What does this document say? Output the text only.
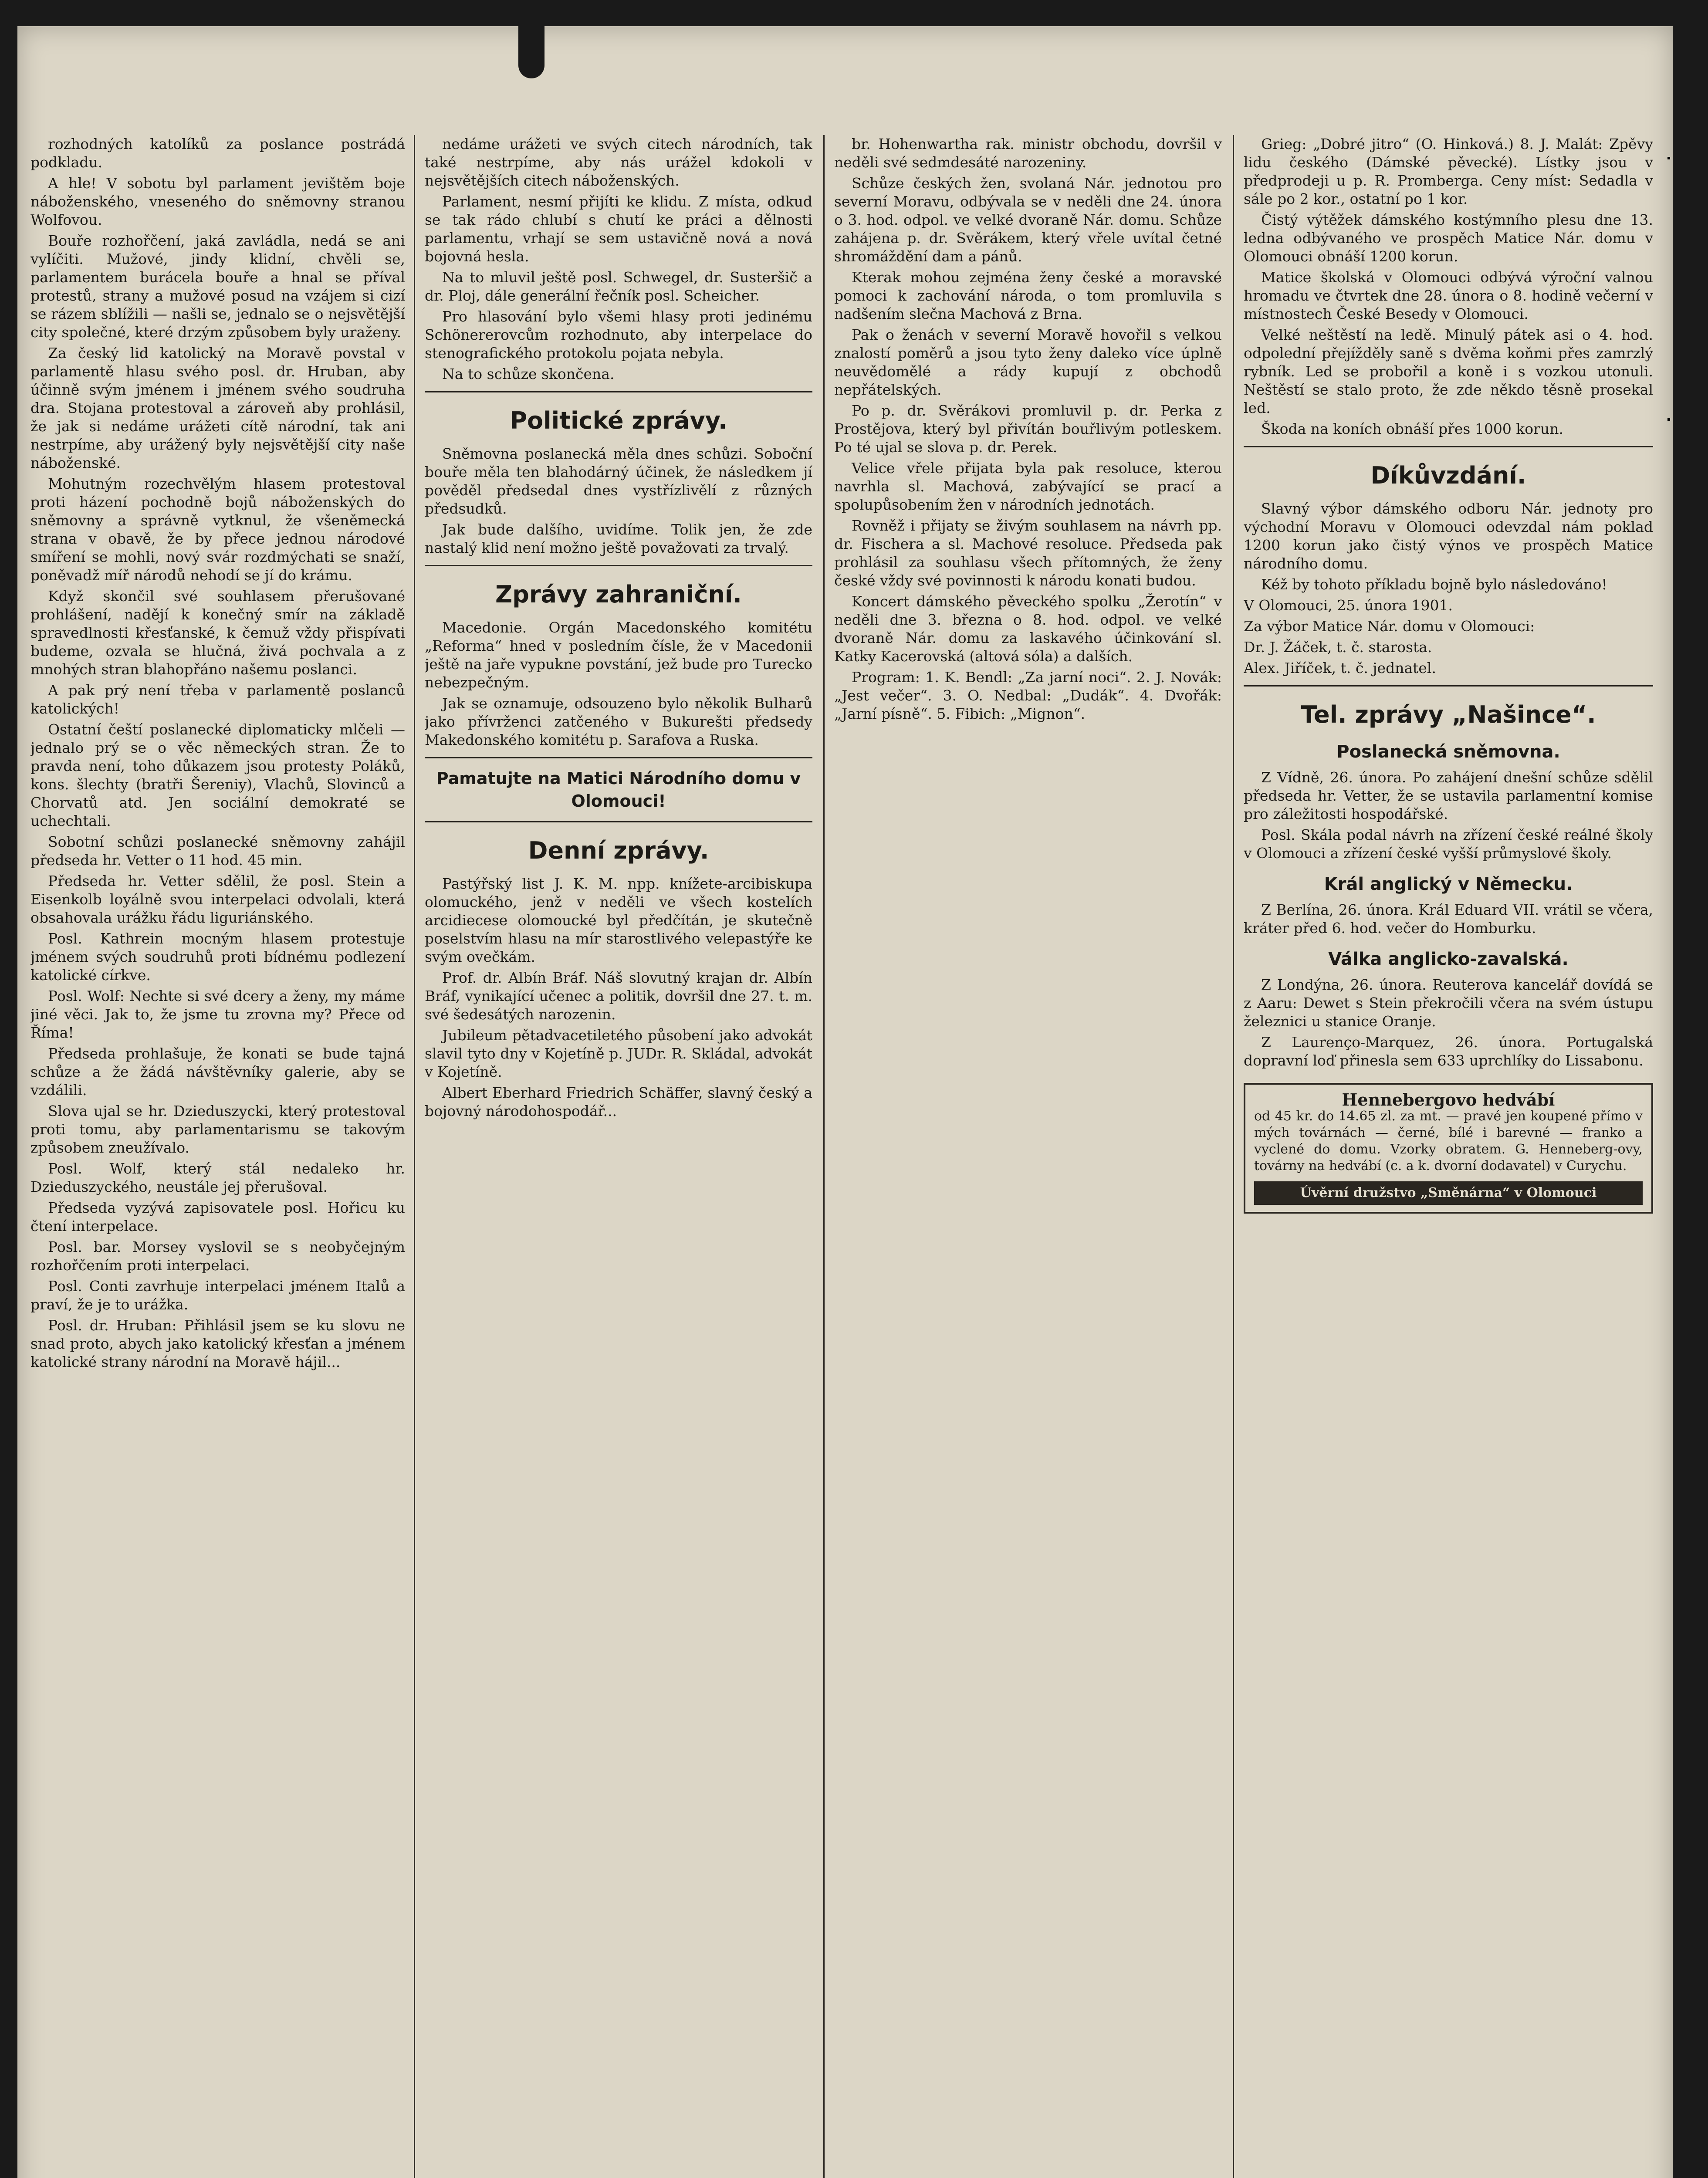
rozhodných katolíků za poslance postrádá podkladu.

A hle! V sobotu byl parlament jevištěm boje náboženského, vneseného do sněmovny stranou Wolfovou.

Bouře rozhořčení, jaká zavládla, nedá se ani vylíčiti. Mužové, jindy klidní, chvěli se, parlamentem burácela bouře a hnal se příval protestů, strany a mužové posud na vzájem si cizí se rázem sblížili — našli se, jednalo se o nejsvětější city společné, které drzým způsobem byly uraženy.

Za český lid katolický na Moravě povstal v parlamentě hlasu svého posl. dr. Hruban, aby účinně svým jménem i jménem svého soudruha dra. Stojana protestoval a zároveň aby prohlásil, že jak si nedáme urážeti cítě národní, tak ani nestrpíme, aby urážený byly nejsvětější city naše náboženské.

Mohutným rozechvělým hlasem protestoval proti házení pochodně bojů náboženských do sněmovny a správně vytknul, že všeněmecká strana v obavě, že by přece jednou národové smíření se mohli, nový svár rozdmýchati se snaží, poněvadž míř národů nehodí se jí do krámu.

Když skončil své souhlasem přerušované prohlášení, nadějí k konečný smír na základě spravedlnosti křesťanské, k čemuž vždy přispívati budeme, ozvala se hlučná, živá pochvala a z mnohých stran blahopřáno našemu poslanci.

A pak prý není třeba v parlamentě poslanců katolických!

Ostatní čeští poslanecké diplomaticky mlčeli — jednalo prý se o věc německých stran. Že to pravda není, toho důkazem jsou protesty Poláků, kons. šlechty (bratři Šereniy), Vlachů, Slovinců a Chorvatů atd. Jen sociální demokraté se uchechtali.

Sobotní schůzi poslanecké sněmovny zahájil předseda hr. Vetter o 11 hod. 45 min.

Předseda hr. Vetter sdělil, že posl. Stein a Eisenkolb loyálně svou interpelaci odvolali, která obsahovala urážku řádu liguriánského.

Posl. Kathrein mocným hlasem protestuje jménem svých soudruhů proti bídnému podlezení katolické církve.

Posl. Wolf: Nechte si své dcery a ženy, my máme jiné věci. Jak to, že jsme tu zrovna my? Přece od Říma!

Předseda prohlašuje, že konati se bude tajná schůze a že žádá návštěvníky galerie, aby se vzdálili.

Slova ujal se hr. Dzieduszycki, který protestoval proti tomu, aby parlamentarismu se takovým způsobem zneužívalo.

Posl. Wolf, který stál nedaleko hr. Dzieduszyckého, neustále jej přerušoval.

Předseda vyzývá zapisovatele posl. Hořicu ku čtení interpelace.

Posl. bar. Morsey vyslovil se s neobyčejným rozhořčením proti interpelaci.

Posl. Conti zavrhuje interpelaci jménem Italů a praví, že je to urážka.

Posl. dr. Hruban: Přihlásil jsem se ku slovu ne snad proto, abych jako katolický křesťan a jménem katolické strany národní na Moravě hájil...

nedáme urážeti ve svých citech národních, tak také nestrpíme, aby nás urážel kdokoli v nejsvětějších citech náboženských.

Parlament, nesmí přijíti ke klidu. Z místa, odkud se tak rádo chlubí s chutí ke práci a dělnosti parlamentu, vrhají se sem ustavičně nová a nová bojovná hesla.

Na to mluvil ještě posl. Schwegel, dr. Susteršič a dr. Ploj, dále generální řečník posl. Scheicher.

Pro hlasování bylo všemi hlasy proti jedinému Schönererovcům rozhodnuto, aby interpelace do stenografického protokolu pojata nebyla.

Na to schůze skončena.

Politické zprávy.

Sněmovna poslanecká měla dnes schůzi. Soboční bouře měla ten blahodárný účinek, že následkem jí pověděl předsedal dnes vystřízlivělí z různých předsudků.

Jak bude dalšího, uvidíme. Tolik jen, že zde nastalý klid není možno ještě považovati za trvalý.

Zprávy zahraniční.

Macedonie. Orgán Macedonského komitétu „Reforma“ hned v posledním čísle, že v Macedonii ještě na jaře vypukne povstání, jež bude pro Turecko nebezpečným.

Jak se oznamuje, odsouzeno bylo několik Bulharů jako přívrženci zatčeného v Bukurešti předsedy Makedonského komitétu p. Sarafova a Ruska.

Pamatujte na Matici Národního domu v Olomouci!
Denní zprávy.

Pastýřský list J. K. M. npp. knížete-arcibiskupa olomuckého, jenž v neděli ve všech kostelích arcidiecese olomoucké byl předčítán, je skutečně poselstvím hlasu na mír starostlivého velepastýře ke svým ovečkám.

Prof. dr. Albín Bráf. Náš slovutný krajan dr. Albín Bráf, vynikající učenec a politik, dovršil dne 27. t. m. své šedesátých narozenin.

Jubileum pětadvacetiletého působení jako advokát slavil tyto dny v Kojetíně p. JUDr. R. Skládal, advokát v Kojetíně.

Albert Eberhard Friedrich Schäffer, slavný český a bojovný národohospodář...

br. Hohenwartha rak. ministr obchodu, dovršil v neděli své sedmdesáté narozeniny.

Schůze českých žen, svolaná Nár. jednotou pro severní Moravu, odbývala se v neděli dne 24. února o 3. hod. odpol. ve velké dvoraně Nár. domu. Schůze zahájena p. dr. Svěrákem, který vřele uvítal četné shromáždění dam a pánů.

Kterak mohou zejména ženy české a moravské pomoci k zachování národa, o tom promluvila s nadšením slečna Machová z Brna.

Pak o ženách v severní Moravě hovořil s velkou znalostí poměrů a jsou tyto ženy daleko více úplně neuvědomělé a rády kupují z obchodů nepřátelských.

Po p. dr. Svěrákovi promluvil p. dr. Perka z Prostějova, který byl přivítán bouřlivým potleskem. Po té ujal se slova p. dr. Perek.

Velice vřele přijata byla pak resoluce, kterou navrhla sl. Machová, zabývající se prací a spolupůsobením žen v národních jednotách.

Rovněž i přijaty se živým souhlasem na návrh pp. dr. Fischera a sl. Machové resoluce. Předseda pak prohlásil za souhlasu všech přítomných, že ženy české vždy své povinnosti k národu konati budou.

Koncert dámského pěveckého spolku „Žerotín“ v neděli dne 3. března o 8. hod. odpol. ve velké dvoraně Nár. domu za laskavého účinkování sl. Katky Kacerovská (altová sóla) a dalších.

Program: 1. K. Bendl: „Za jarní noci“. 2. J. Novák: „Jest večer“. 3. O. Nedbal: „Dudák“. 4. Dvořák: „Jarní písně“. 5. Fibich: „Mignon“.

Grieg: „Dobré jitro“ (O. Hinková.) 8. J. Malát: Zpěvy lidu českého (Dámské pěvecké). Lístky jsou v předprodeji u p. R. Promberga. Ceny míst: Sedadla v sále po 2 kor., ostatní po 1 kor.

Čistý výtěžek dámského kostýmního plesu dne 13. ledna odbývaného ve prospěch Matice Nár. domu v Olomouci obnáší 1200 korun.

Matice školská v Olomouci odbývá výroční valnou hromadu ve čtvrtek dne 28. února o 8. hodině večerní v místnostech České Besedy v Olomouci.

Velké neštěstí na ledě. Minulý pátek asi o 4. hod. odpolední přejížděly saně s dvěma koňmi přes zamrzlý rybník. Led se probořil a koně i s vozkou utonuli. Neštěstí se stalo proto, že zde někdo těsně prosekal led.

Škoda na koních obnáší přes 1000 korun.

Díkůvzdání.

Slavný výbor dámského odboru Nár. jednoty pro východní Moravu v Olomouci odevzdal nám poklad 1200 korun jako čistý výnos ve prospěch Matice národního domu.

Kéž by tohoto příkladu bojně bylo následováno!

V Olomouci, 25. února 1901.

Za výbor Matice Nár. domu v Olomouci:

Dr. J. Žáček, t. č. starosta.

Alex. Jiříček, t. č. jednatel.

Tel. zprávy „Našince“.
Poslanecká sněmovna.

Z Vídně, 26. února. Po zahájení dnešní schůze sdělil předseda hr. Vetter, že se ustavila parlamentní komise pro záležitosti hospodářské.

Posl. Skála podal návrh na zřízení české reálné školy v Olomouci a zřízení české vyšší průmyslové školy.

Král anglický v Německu.

Z Berlína, 26. února. Král Eduard VII. vrátil se včera, kráter před 6. hod. večer do Homburku.

Válka anglicko-zavalská.

Z Londýna, 26. února. Reuterova kancelář dovídá se z Aaru: Dewet s Stein překročili včera na svém ústupu železnici u stanice Oranje.

Z Laurenço-Marquez, 26. února. Portugalská dopravní loď přinesla sem 633 uprchlíky do Lissabonu.

Hennebergovo hedvábí
od 45 kr. do 14.65 zl. za mt. — pravé jen koupené přímo v mých továrnách — černé, bílé i barevné — franko a vyclené do domu. Vzorky obratem. G. Henneberg-ovy, továrny na hedvábí (c. a k. dvorní dodavatel) v Curychu.
Úvěrní družstvo „Směnárna“ v Olomouci
